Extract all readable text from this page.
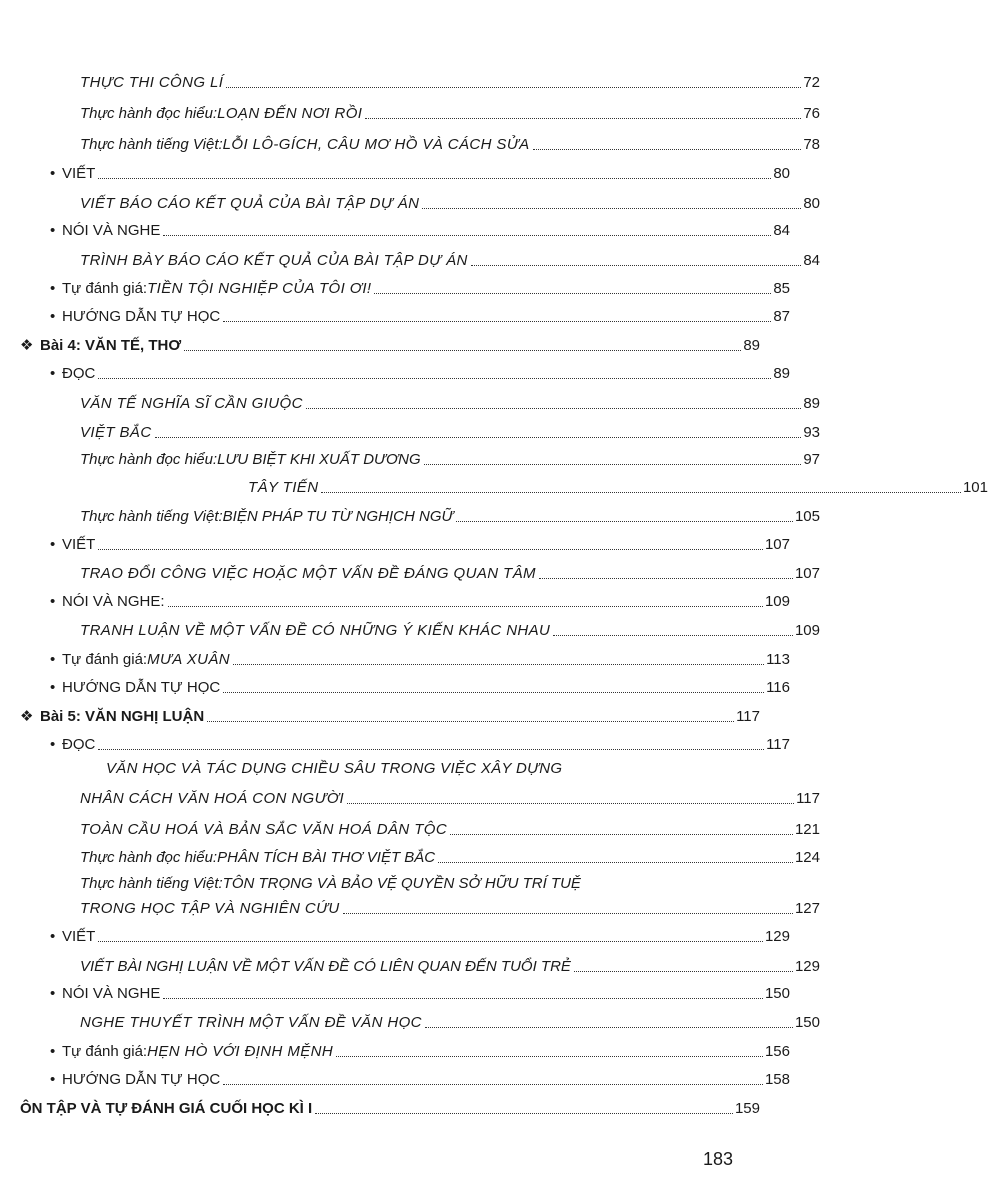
THỰC THI CÔNG LÍ	72
Thực hành đọc hiểu: LOẠN ĐẾN NƠI RỒI	76
Thực hành tiếng Việt: LỖI LÔ-GÍCH, CÂU MƠ HỒ VÀ CÁCH SỬA	78
• VIẾT	80
VIẾT BÁO CÁO KẾT QUẢ CỦA BÀI TẬP DỰ ÁN	80
• NÓI VÀ NGHE	84
TRÌNH BÀY BÁO CÁO KẾT QUẢ CỦA BÀI TẬP DỰ ÁN	84
• Tự đánh giá: TIỀN TỘI NGHIỆP CỦA TÔI ƠI!	85
• HƯỚNG DẪN TỰ HỌC	87
❖ Bài 4: VĂN TẾ, THƠ	89
• ĐỌC	89
VĂN TẾ NGHĨA SĨ CẦN GIUỘC	89
VIỆT BẮC	93
Thực hành đọc hiểu: LƯU BIỆT KHI XUẤT DƯƠNG	97
TÂY TIẾN	101
Thực hành tiếng Việt: BIỆN PHÁP TU TỪ NGHỊCH NGỮ	105
• VIẾT	107
TRAO ĐỔI CÔNG VIỆC HOẶC MỘT VẤN ĐỀ ĐÁNG QUAN TÂM	107
• NÓI VÀ NGHE:	109
TRANH LUẬN VỀ MỘT VẤN ĐỀ CÓ NHỮNG Ý KIẾN KHÁC NHAU	109
• Tự đánh giá: MƯA XUÂN	113
• HƯỚNG DẪN TỰ HỌC	116
❖ Bài 5: VĂN NGHỊ LUẬN	117
• ĐỌC	117
VĂN HỌC VÀ TÁC DỤNG CHIỀU SÂU TRONG VIỆC XÂY DỰNG
NHÂN CÁCH VĂN HOÁ CON NGƯỜI	117
TOÀN CẦU HOÁ VÀ BẢN SẮC VĂN HOÁ DÂN TỘC	121
Thực hành đọc hiểu: PHÂN TÍCH BÀI THƠ VIỆT BẮC	124
Thực hành tiếng Việt: TÔN TRỌNG VÀ BẢO VỆ QUYỀN SỞ HỮU TRÍ TUỆ
TRONG HỌC TẬP VÀ NGHIÊN CỨU	127
• VIẾT	129
VIẾT BÀI NGHỊ LUẬN VỀ MỘT VẤN ĐỀ CÓ LIÊN QUAN ĐẾN TUỔI TRẺ	129
• NÓI VÀ NGHE	150
NGHE THUYẾT TRÌNH MỘT VẤN ĐỀ VĂN HỌC	150
• Tự đánh giá: HẸN HÒ VỚI ĐỊNH MỆNH	156
• HƯỚNG DẪN TỰ HỌC	158
ÔN TẬP VÀ TỰ ĐÁNH GIÁ CUỐI HỌC KÌ I	159
183
